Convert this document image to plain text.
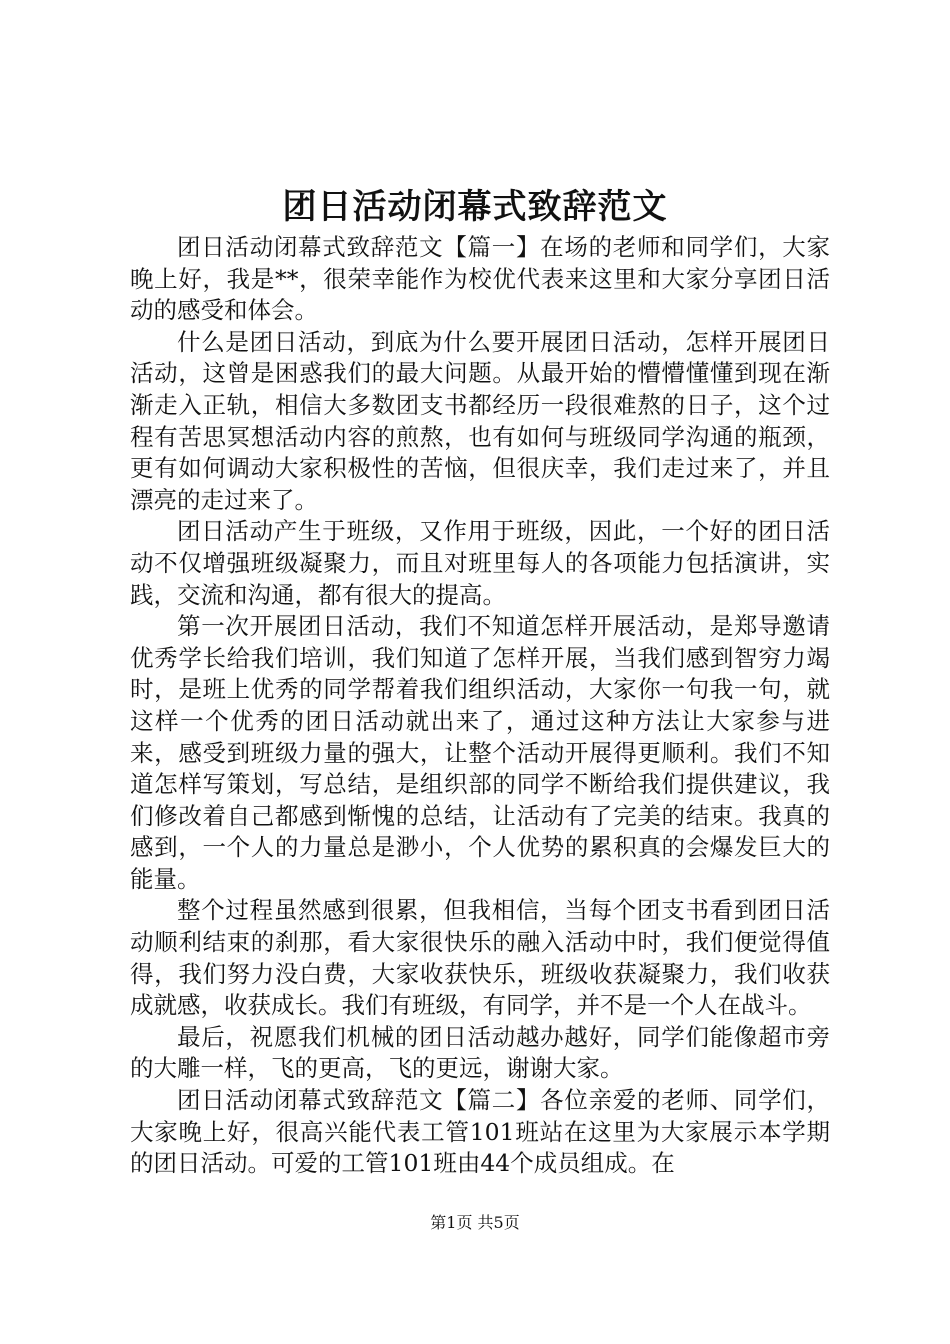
团日活动闭幕式致辞范文

团日活动闭幕式致辞范文【篇一】在场的老师和同学们，大家晚上好，我是**，很荣幸能作为校优代表来这里和大家分享团日活动的感受和体会。

什么是团日活动，到底为什么要开展团日活动，怎样开展团日活动，这曾是困惑我们的最大问题。从最开始的懵懵懂懂到现在渐渐走入正轨，相信大多数团支书都经历一段很难熬的日子，这个过程有苦思冥想活动内容的煎熬，也有如何与班级同学沟通的瓶颈，更有如何调动大家积极性的苦恼，但很庆幸，我们走过来了，并且漂亮的走过来了。

团日活动产生于班级，又作用于班级，因此，一个好的团日活动不仅增强班级凝聚力，而且对班里每人的各项能力包括演讲，实践，交流和沟通，都有很大的提高。

第一次开展团日活动，我们不知道怎样开展活动，是郑导邀请优秀学长给我们培训，我们知道了怎样开展，当我们感到智穷力竭时，是班上优秀的同学帮着我们组织活动，大家你一句我一句，就这样一个优秀的团日活动就出来了，通过这种方法让大家参与进来，感受到班级力量的强大，让整个活动开展得更顺利。我们不知道怎样写策划，写总结，是组织部的同学不断给我们提供建议，我们修改着自己都感到惭愧的总结，让活动有了完美的结束。我真的感到，一个人的力量总是渺小，个人优势的累积真的会爆发巨大的能量。

整个过程虽然感到很累，但我相信，当每个团支书看到团日活动顺利结束的刹那，看大家很快乐的融入活动中时，我们便觉得值得，我们努力没白费，大家收获快乐，班级收获凝聚力，我们收获成就感，收获成长。我们有班级，有同学，并不是一个人在战斗。

最后，祝愿我们机械的团日活动越办越好，同学们能像超市旁的大雕一样，飞的更高，飞的更远，谢谢大家。

团日活动闭幕式致辞范文【篇二】各位亲爱的老师、同学们，大家晚上好，很高兴能代表工管101班站在这里为大家展示本学期的团日活动。可爱的工管101班由44个成员组成。在

第1页 共5页
